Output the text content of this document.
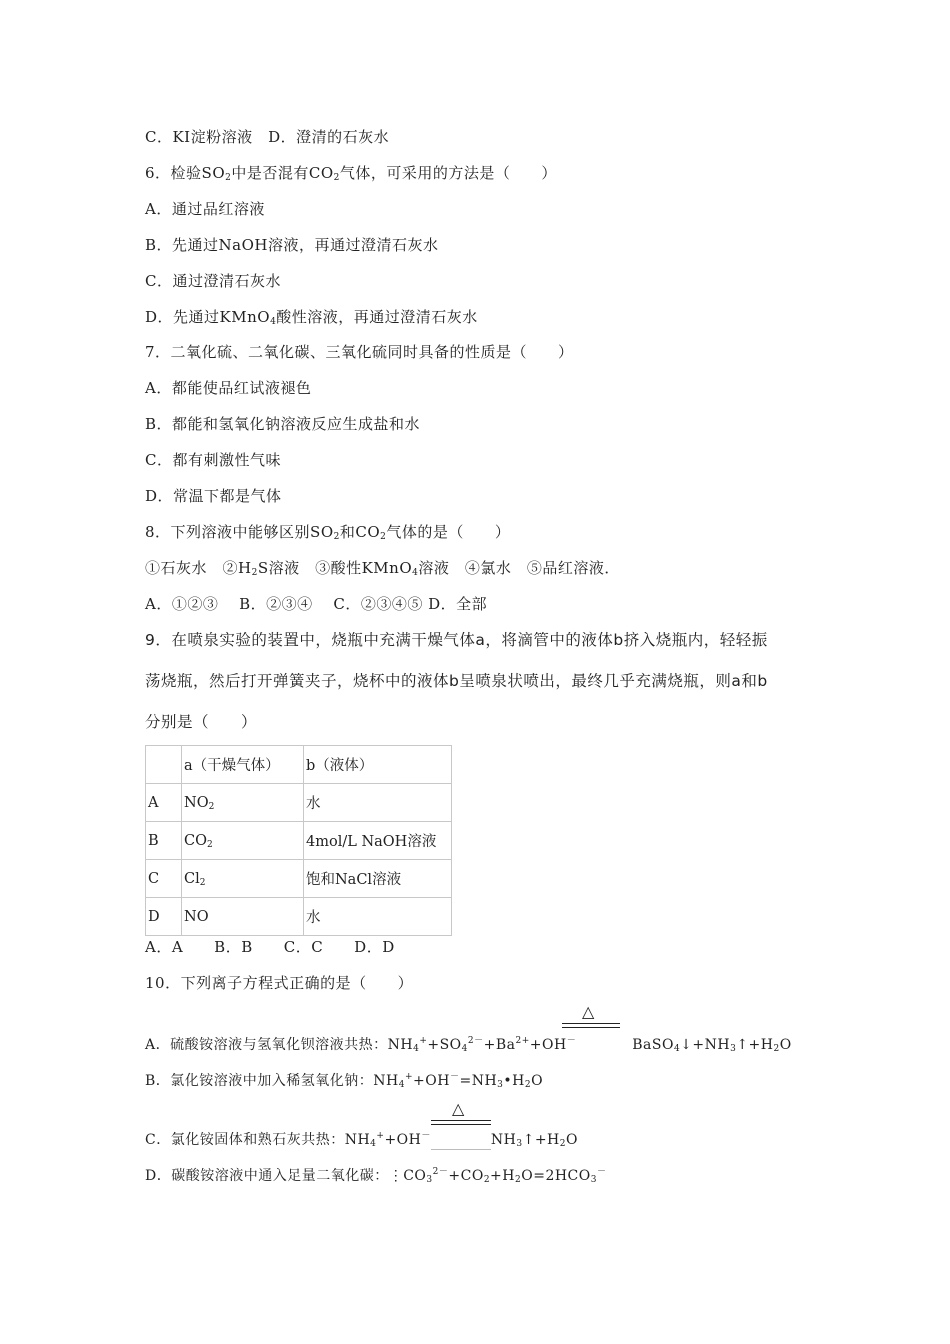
C．KI淀粉溶液　D．澄清的石灰水
6．检验$SO_2$中是否混有$CO_2$气体，可采用的方法是（　　）
A．通过品红溶液
B．先通过NaOH溶液，再通过澄清石灰水
C．通过澄清石灰水
D．先通过KMnO$_4$酸性溶液，再通过澄清石灰水
7．二氧化硫、二氧化碳、三氧化硫同时具备的性质是（　　）
A．都能使品红试液褪色
B．都能和氢氧化钠溶液反应生成盐和水
C．都有刺激性气味
D．常温下都是气体
8．下列溶液中能够区别$SO_2$和$CO_2$气体的是（　　）
①石灰水　$②H_2S$溶液　③酸性KMnO$_4$溶液　④氯水　⑤品红溶液．
A．①②③　 B．②③④　 C．②③④⑤ D．全部
9．在喷泉实验的装置中，烧瓶中充满干燥气体a，将滴管中的液体b挤入烧瓶内，轻轻振
荡烧瓶，然后打开弹簧夹子，烧杯中的液体b呈喷泉状喷出，最终几乎充满烧瓶，则a和b
分别是（　　）
	a（干燥气体）	b（液体）
A	$NO_2$	水
B	$CO_2$	4mol/L NaOH溶液
C	$Cl_2$	饱和NaCl溶液
D	NO	水
A．A　　B．B　　C．C　　D．D
10．下列离子方程式正确的是（　　）
△
A．硫酸铵溶液与氢氧化钡溶液共热：$NH_4^++SO_4^{2-}+Ba^{2+}+OH^-$	$BaSO_4↓+NH_3↑+H_2O$
B．氯化铵溶液中加入稀氢氧化钠：$NH_4^++OH^-=NH_3•H_2O$
△
C．氯化铵固体和熟石灰共热：$NH_4^++OH^-$	$NH_3↑+H_2O$
D．碳酸铵溶液中通入足量二氧化碳：$⋮CO_3^{2-}+CO_2+H_2O=2HCO_3^-$
